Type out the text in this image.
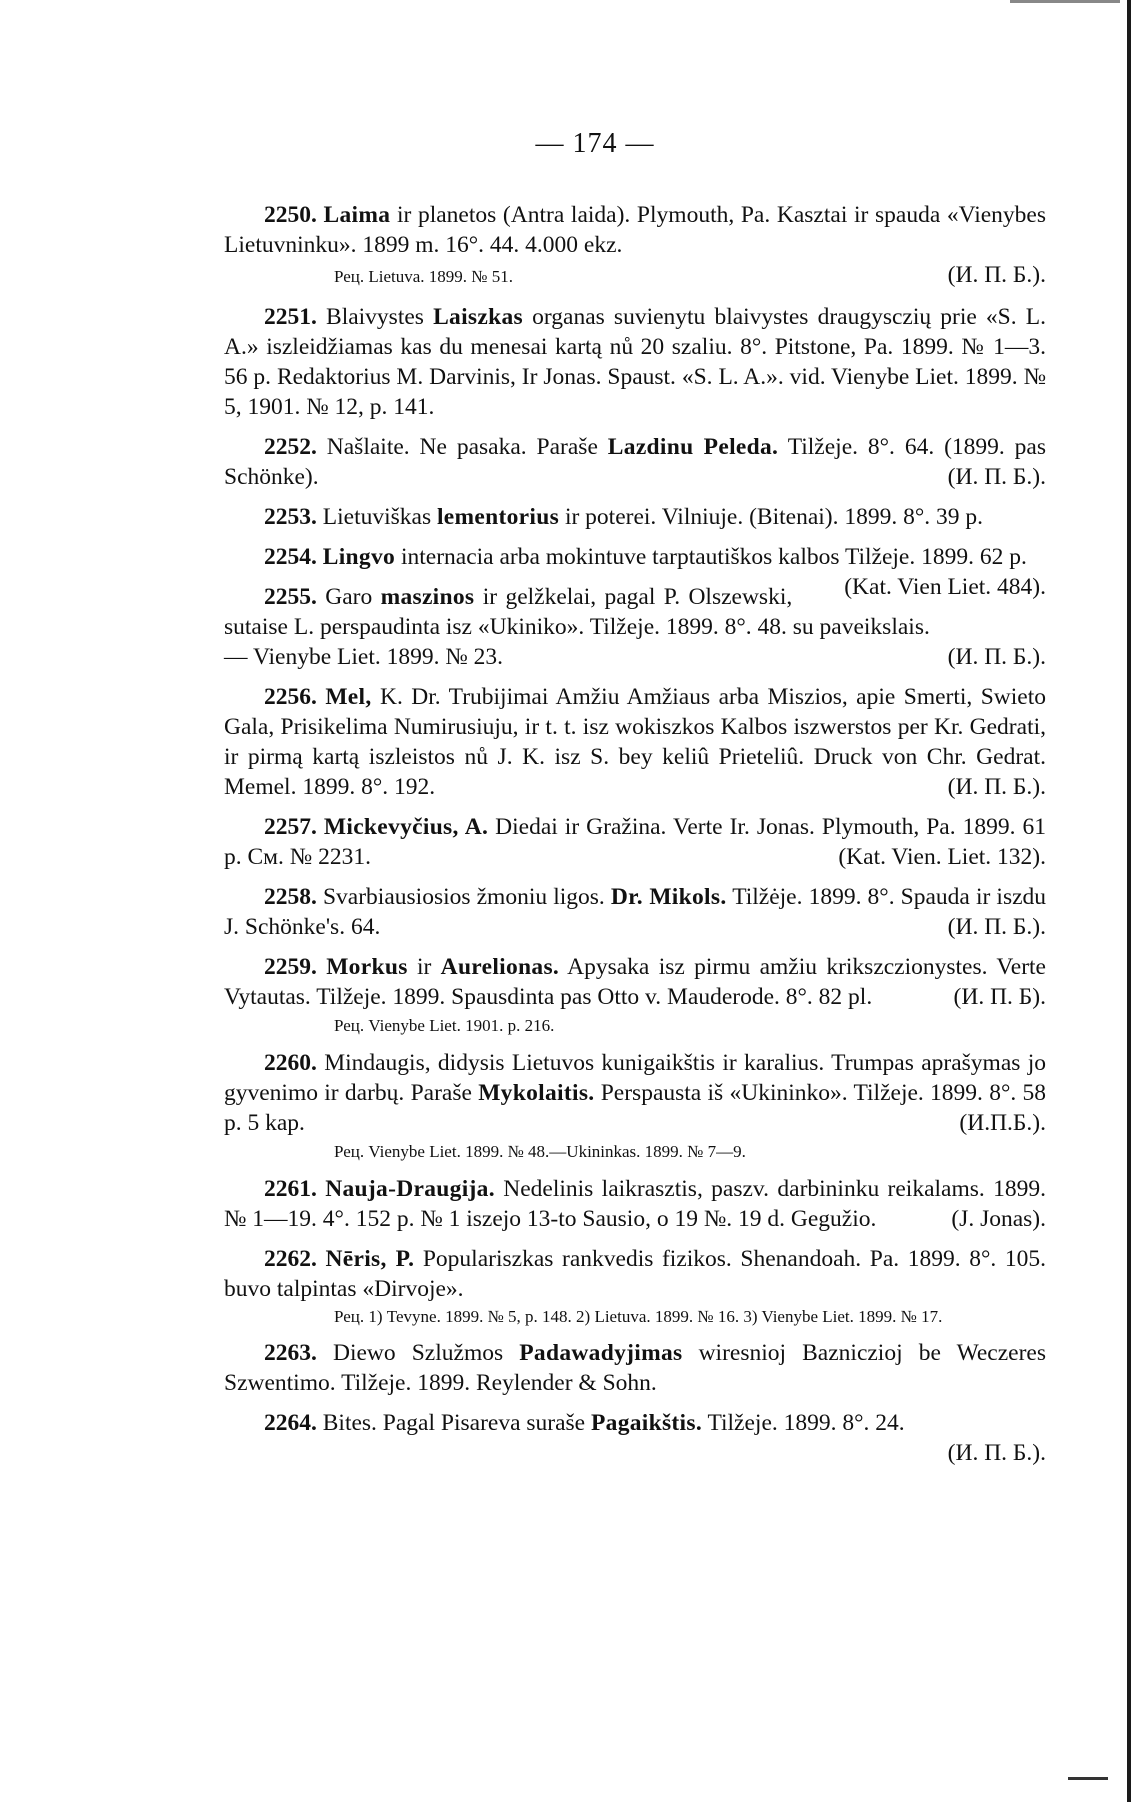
— 174 —
2250. Laima ir planetos (Antra laida). Plymouth, Pa. Kasztai ir spauda «Vienybes Lietuvninku». 1899 m. 16°. 44. 4.000 ekz.
Рец. Lietuva. 1899. № 51.	(И. П. Б.).
2251. Blaivystes Laiszkas organas suvienytu blaivystes draugysczių prie «S. L. A.» iszleidžiamas kas du menesai kartą nů 20 szaliu. 8°. Pitstone, Pa. 1899. № 1—3. 56 p. Redaktorius M. Darvinis, Ir Jonas. Spaust. «S. L. A.». vid. Vienybe Liet. 1899. № 5, 1901. № 12, p. 141.
2252. Našlaite. Ne pasaka. Paraše Lazdinu Peleda. Tilžeje. 8°. 64. (1899. pas Schönke).	(И. П. Б.).
2253. Lietuviškas lementorius ir poterei. Vilniuje. (Bitenai). 1899. 8°. 39 p.
2254. Lingvo internacia arba mokintuve tarptautiškos kalbos Tilžeje. 1899. 62 p.
(Kat. Vien Liet. 484).
2255. Garo maszinos ir gelžkelai, pagal P. Olszewski, sutaise L. perspaudinta isz «Ukiniko». Tilžeje. 1899. 8°. 48. su paveikslais.
— Vienybe Liet. 1899. № 23.	(И. П. Б.).
2256. Mel, K. Dr. Trubijimai Amžiu Amžiaus arba Miszios, apie Smerti, Swieto Gala, Prisikelima Numirusiuju, ir t. t. isz wokiszkos Kalbos iszwerstos per Kr. Gedrati, ir pirmą kartą iszleistos nů J. K. isz S. bey keliû Prieteliû. Druck von Chr. Gedrat. Memel. 1899. 8°. 192.	(И. П. Б.).
2257. Mickevyčius, A. Diedai ir Gražina. Verte Ir. Jonas. Plymouth, Pa. 1899. 61 p. См. № 2231.	(Kat. Vien. Liet. 132).
2258. Svarbiausiosios žmoniu ligos. Dr. Mikols. Tilžėje. 1899. 8°. Spauda ir iszdu J. Schönke's. 64.	(И. П. Б.).
2259. Morkus ir Aurelionas. Apysaka isz pirmu amžiu krikszczionystes. Verte Vytautas. Tilžeje. 1899. Spausdinta pas Otto v. Mauderode. 8°. 82 pl.	(И. П. Б).
Рец. Vienybe Liet. 1901. p. 216.
2260. Mindaugis, didysis Lietuvos kunigaikštis ir karalius. Trumpas aprašymas jo gyvenimo ir darbų. Paraše Mykolaitis. Perspausta iš «Ukininko». Tilžeje. 1899. 8°. 58 p. 5 kap.	(И.П.Б.).
Рец. Vienybe Liet. 1899. № 48.—Ukininkas. 1899. № 7—9.
2261. Nauja-Draugija. Nedelinis laikrasztis, paszv. darbininku reikalams. 1899. № 1—19. 4°. 152 p. № 1 iszejo 13-to Sausio, o 19 №. 19 d. Gegužio.	(J. Jonas).
2262. Nēris, P. Populariszkas rankvedis fizikos. Shenandoah. Pa. 1899. 8°. 105. buvo talpintas «Dirvoje».
Рец. 1) Tevyne. 1899. № 5, p. 148. 2) Lietuva. 1899. № 16. 3) Vienybe Liet. 1899. № 17.
2263. Diewo Szlužmos Padawadyjimas wiresnioj Baznicziој be Weczeres Szwentimo. Tilžeje. 1899. Reylender & Sohn.
2264. Bites. Pagal Pisareva suraše Pagaikštis. Tilžeje. 1899. 8°. 24.
(И. П. Б.).
